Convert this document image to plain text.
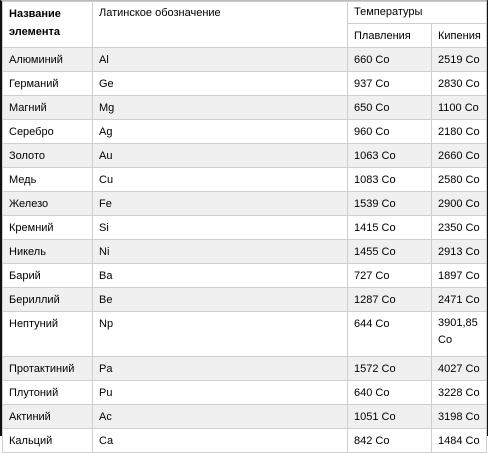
Название элемента	Латинское обозначение	Температуры	
		Плавления	Кипения
Алюминий	Al	660 Co	2519 Co
Германий	Ge	937 Co	2830 Co
Магний	Mg	650 Co	1100 Co
Серебро	Ag	960 Co	2180 Co
Золото	Au	1063 Co	2660 Co
Медь	Cu	1083 Co	2580 Co
Железо	Fe	1539 Co	2900 Co
Кремний	Si	1415 Co	2350 Co
Никель	Ni	1455 Co	2913 Co
Барий	Ba	727 Co	1897 Co
Бериллий	Be	1287 Co	2471 Co
Нептуний	Np	644 Co	3901,85 Co
Протактиний	Pa	1572 Co	4027 Co
Плутоний	Pu	640 Co	3228 Co
Актиний	Ac	1051 Co	3198 Co
Кальций	Ca	842 Co	1484 Co
